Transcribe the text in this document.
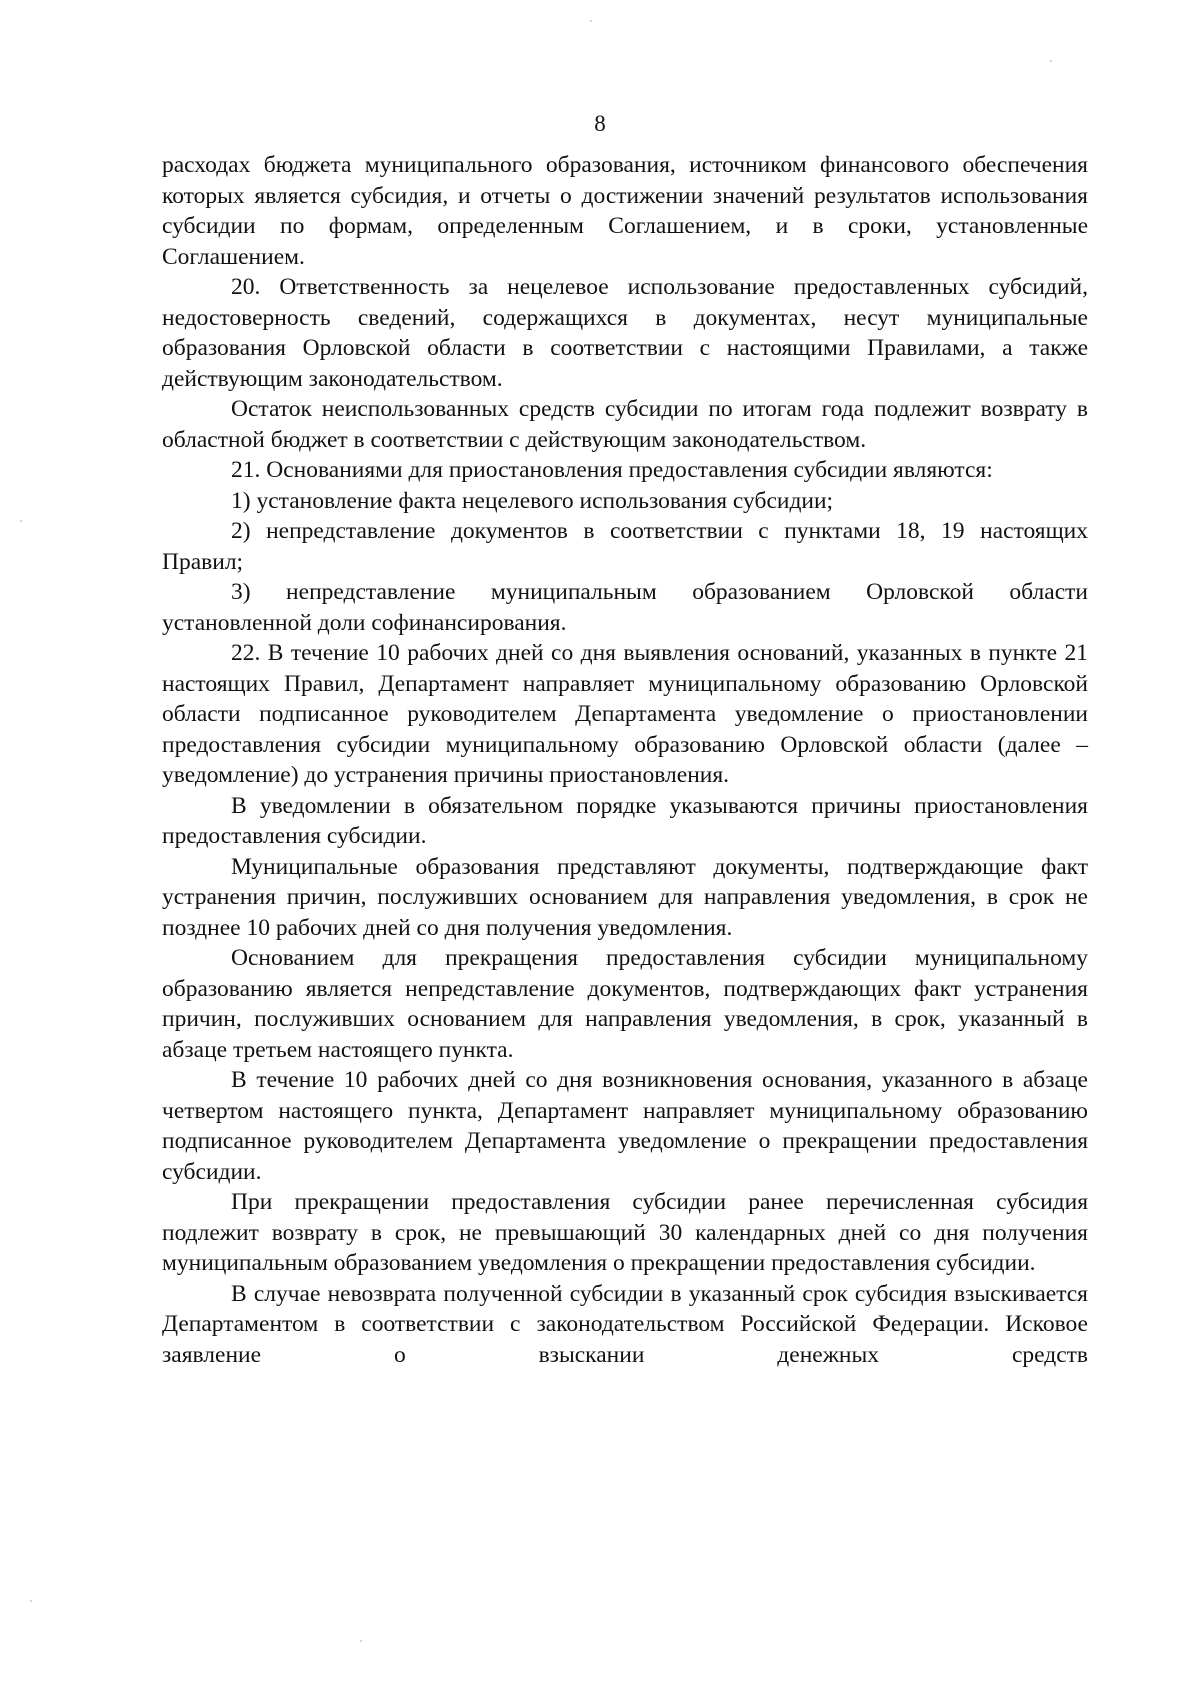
8

расходах бюджета муниципального образования, источником финансового обеспечения которых является субсидия, и отчеты о достижении значений результатов использования субсидии по формам, определенным Соглашением, и в сроки, установленные Соглашением.

20. Ответственность за нецелевое использование предоставленных субсидий, недостоверность сведений, содержащихся в документах, несут муниципальные образования Орловской области в соответствии с настоящими Правилами, а также действующим законодательством.

Остаток неиспользованных средств субсидии по итогам года подлежит возврату в областной бюджет в соответствии с действующим законодательством.

21. Основаниями для приостановления предоставления субсидии являются:

1) установление факта нецелевого использования субсидии;

2) непредставление документов в соответствии с пунктами 18, 19 настоящих Правил;

3) непредставление муниципальным образованием Орловской области установленной доли софинансирования.

22. В течение 10 рабочих дней со дня выявления оснований, указанных в пункте 21 настоящих Правил, Департамент направляет муниципальному образованию Орловской области подписанное руководителем Департамента уведомление о приостановлении предоставления субсидии муниципальному образованию Орловской области (далее – уведомление) до устранения причины приостановления.

В уведомлении в обязательном порядке указываются причины приостановления предоставления субсидии.

Муниципальные образования представляют документы, подтверждающие факт устранения причин, послуживших основанием для направления уведомления, в срок не позднее 10 рабочих дней со дня получения уведомления.

Основанием для прекращения предоставления субсидии муниципальному образованию является непредставление документов, подтверждающих факт устранения причин, послуживших основанием для направления уведомления, в срок, указанный в абзаце третьем настоящего пункта.

В течение 10 рабочих дней со дня возникновения основания, указанного в абзаце четвертом настоящего пункта, Департамент направляет муниципальному образованию подписанное руководителем Департамента уведомление о прекращении предоставления субсидии.

При прекращении предоставления субсидии ранее перечисленная субсидия подлежит возврату в срок, не превышающий 30 календарных дней со дня получения муниципальным образованием уведомления о прекращении предоставления субсидии.

В случае невозврата полученной субсидии в указанный срок субсидия взыскивается Департаментом в соответствии с законодательством Российской Федерации. Исковое заявление о взыскании денежных средств
